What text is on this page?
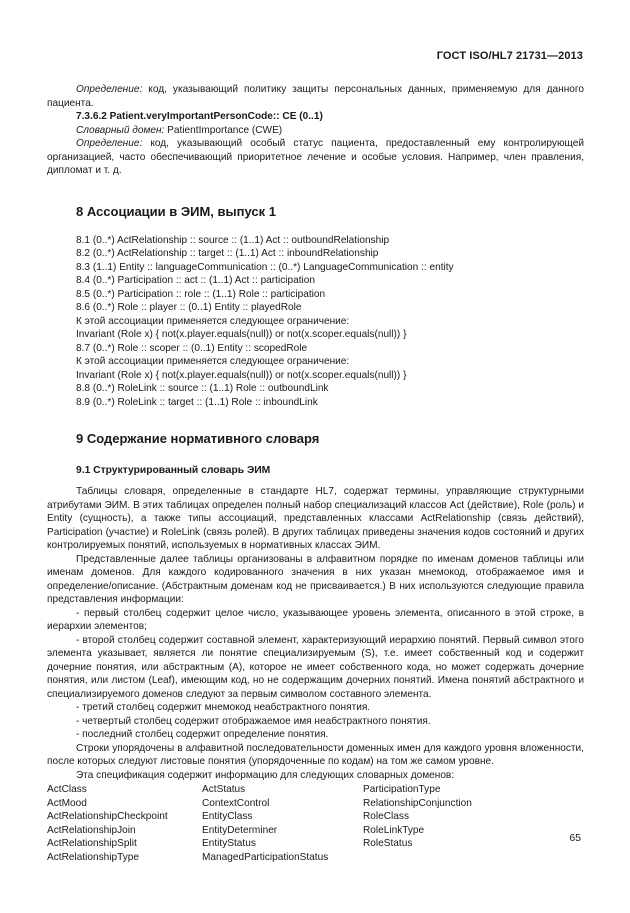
ГОСТ ISO/HL7 21731—2013

Определение: код, указывающий политику защиты персональных данных, применяемую для данного пациента.

7.3.6.2 Patient.veryImportantPersonCode:: CE (0..1)

Словарный домен: PatientImportance (CWE)

Определение: код, указывающий особый статус пациента, предоставленный ему контролирующей организацией, часто обеспечивающий приоритетное лечение и особые условия. Например, член правления, дипломат и т. д.

8 Ассоциации в ЭИМ, выпуск 1
8.1 (0..*) ActRelationship :: source :: (1..1) Act :: outboundRelationship
8.2 (0..*) ActRelationship :: target :: (1..1) Act :: inboundRelationship
8.3 (1..1) Entity :: languageCommunication :: (0..*) LanguageCommunication :: entity
8.4 (0..*) Participation :: act :: (1..1) Act :: participation
8.5 (0..*) Participation :: role :: (1..1) Role :: participation
8.6 (0..*) Role :: player :: (0..1) Entity :: playedRole
К этой ассоциации применяется следующее ограничение:
Invariant (Role x) { not(x.player.equals(null)) or not(x.scoper.equals(null)) }
8.7 (0..*) Role :: scoper :: (0..1) Entity :: scopedRole
К этой ассоциации применяется следующее ограничение:
Invariant (Role x) { not(x.player.equals(null)) or not(x.scoper.equals(null)) }
8.8 (0..*) RoleLink :: source :: (1..1) Role :: outboundLink
8.9 (0..*) RoleLink :: target :: (1..1) Role :: inboundLink
9 Содержание нормативного словаря
9.1 Структурированный словарь ЭИМ

Таблицы словаря, определенные в стандарте HL7, содержат термины, управляющие структурными атрибутами ЭИМ. В этих таблицах определен полный набор специализаций классов Act (действие), Role (роль) и Entity (сущность), а также типы ассоциаций, представленных классами ActRelationship (связь действий), Participation (участие) и RoleLink (связь ролей). В других таблицах приведены значения кодов состояний и других контролируемых понятий, используемых в нормативных классах ЭИМ.

Представленные далее таблицы организованы в алфавитном порядке по именам доменов таблицы или именам доменов. Для каждого кодированного значения в них указан мнемокод, отображаемое имя и определение/описание. (Абстрактным доменам код не присваивается.) В них используются следующие правила представления информации:

- первый столбец содержит целое число, указывающее уровень элемента, описанного в этой строке, в иерархии элементов;

- второй столбец содержит составной элемент, характеризующий иерархию понятий. Первый символ этого элемента указывает, является ли понятие специализируемым (S), т.е. имеет собственный код и содержит дочерние понятия, или абстрактным (A), которое не имеет собственного кода, но может содержать дочерние понятия, или листом (Leaf), имеющим код, но не содержащим дочерних понятий. Имена понятий абстрактного и специализируемого доменов следуют за первым символом составного элемента.

- третий столбец содержит мнемокод неабстрактного понятия.

- четвертый столбец содержит отображаемое имя неабстрактного понятия.

- последний столбец содержит определение понятия.

Строки упорядочены в алфавитной последовательности доменных имен для каждого уровня вложенности, после которых следуют листовые понятия (упорядоченные по кодам) на том же самом уровне.

Эта спецификация содержит информацию для следующих словарных доменов:

ActClass
ActMood
ActRelationshipCheckpoint
ActRelationshipJoin
ActRelationshipSplit
ActRelationshipType
ActStatus
ContextControl
EntityClass
EntityDeterminer
EntityStatus
ManagedParticipationStatus
ParticipationType
RelationshipConjunction
RoleClass
RoleLinkType
RoleStatus	65
